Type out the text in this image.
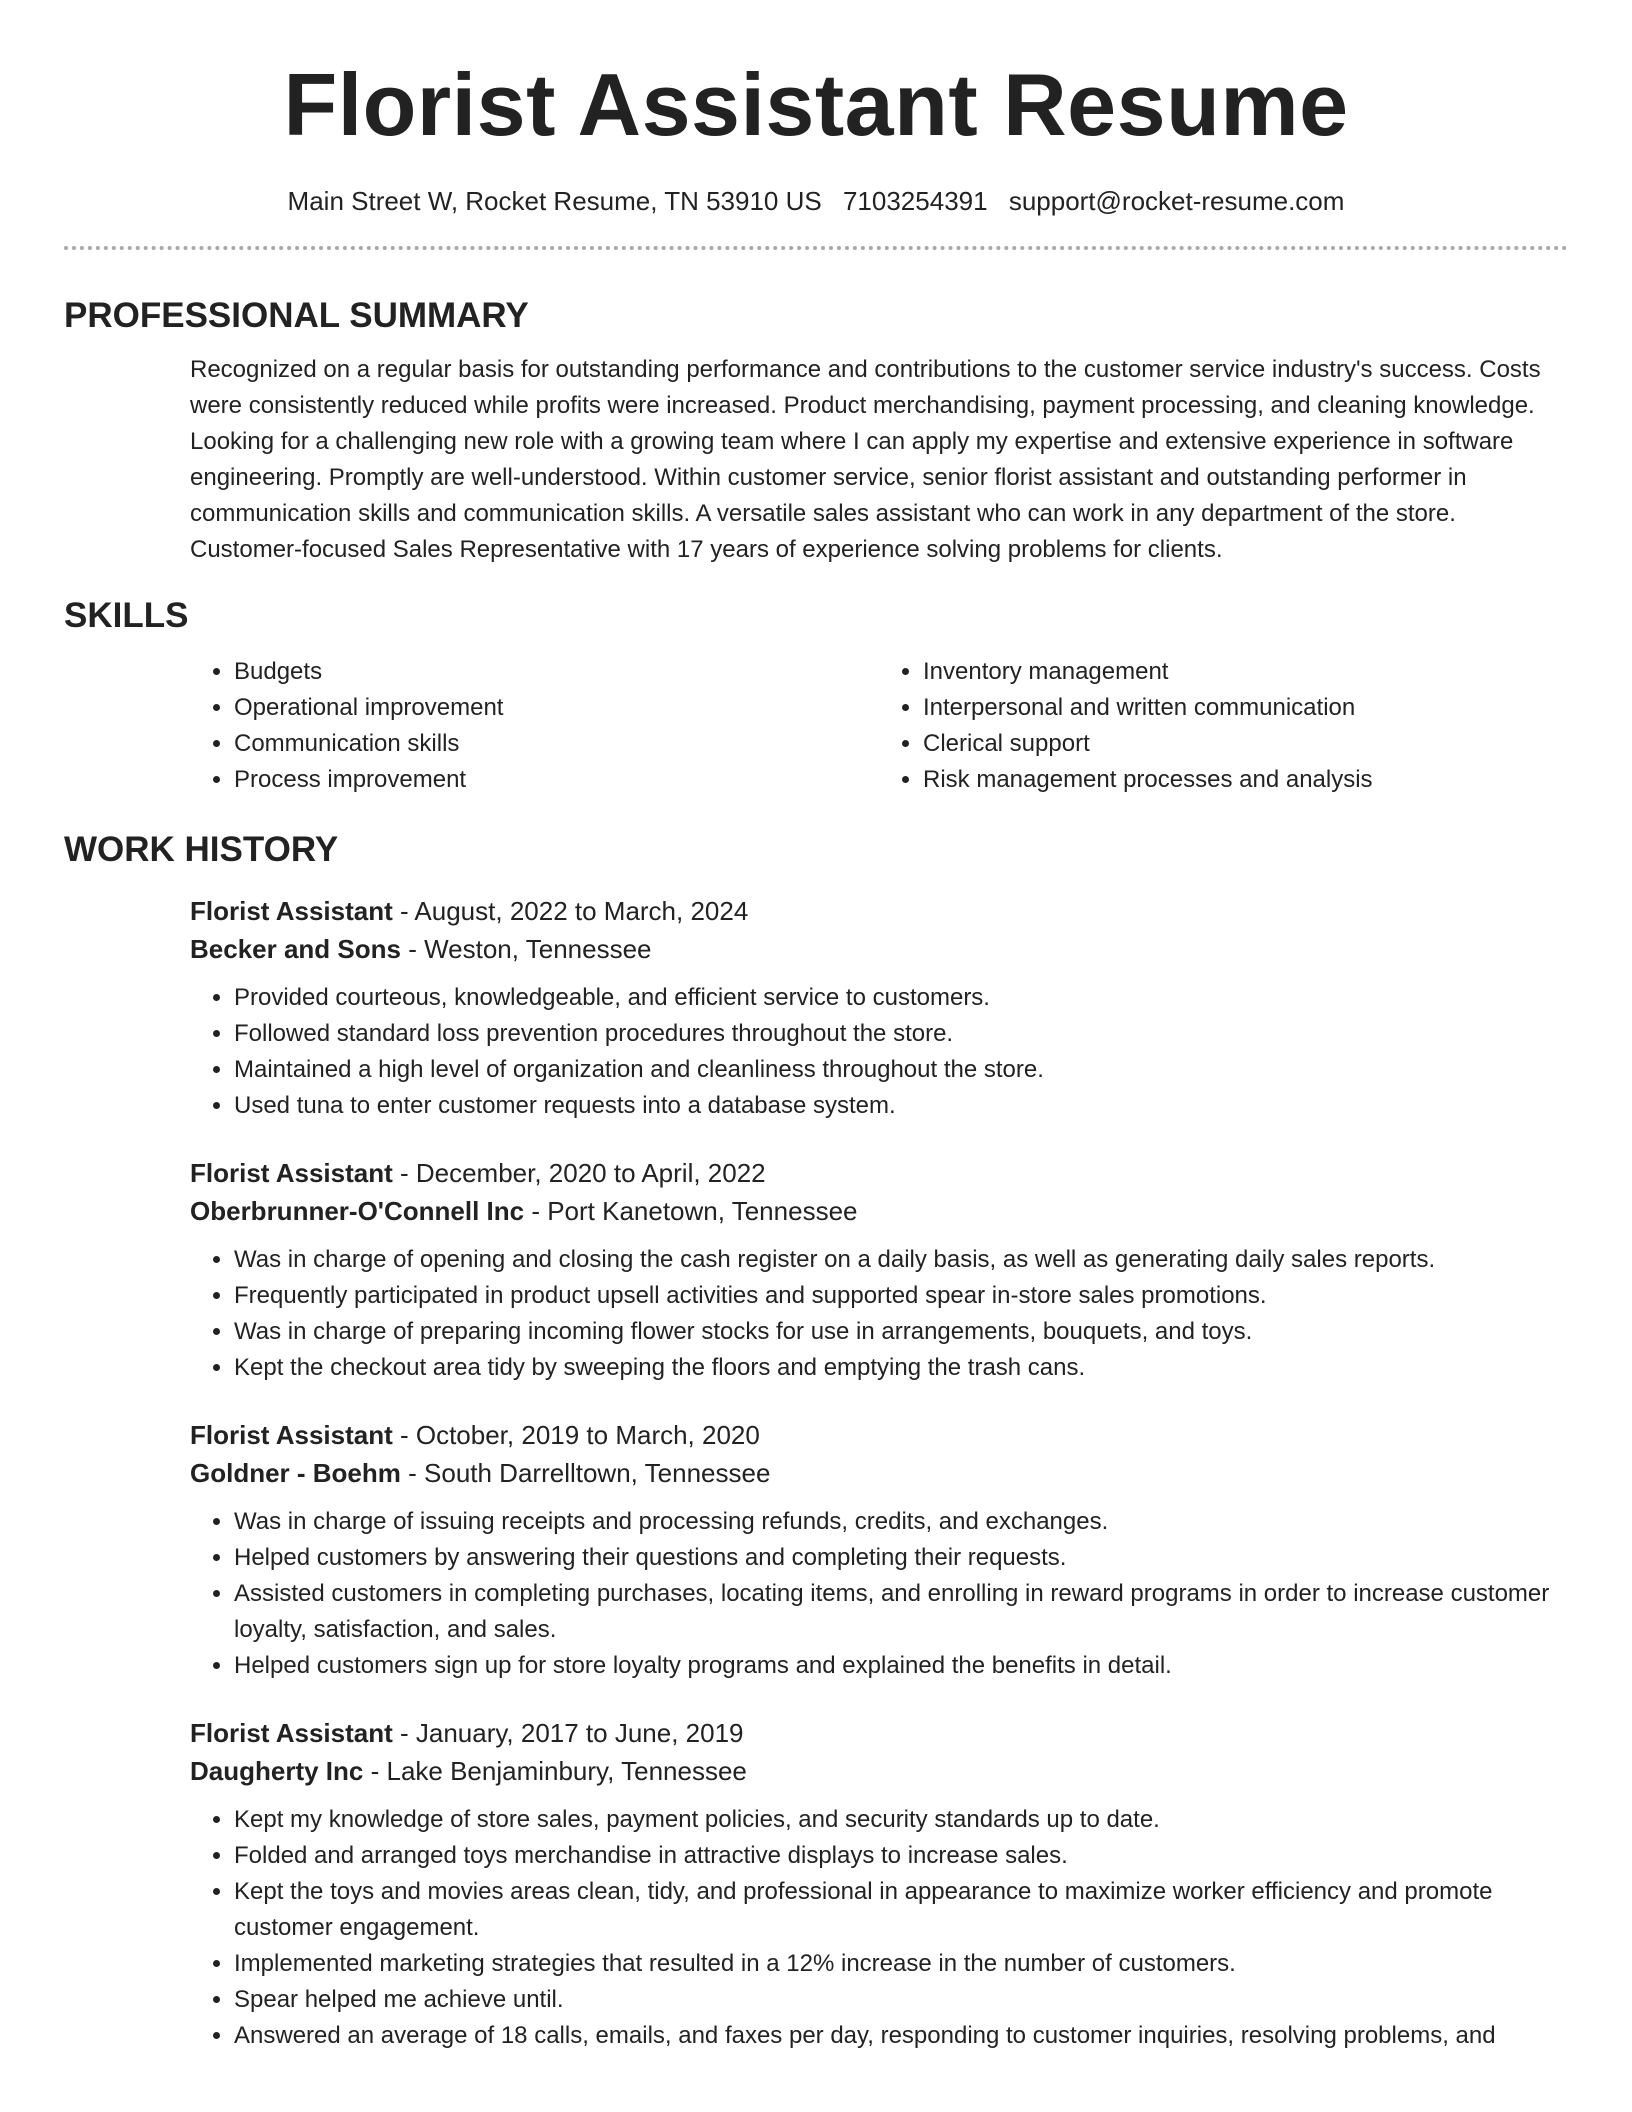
Florist Assistant Resume
Main Street W, Rocket Resume, TN 53910 US 7103254391 support@rocket-resume.com
PROFESSIONAL SUMMARY

Recognized on a regular basis for outstanding performance and contributions to the customer service industry's success. Costs were consistently reduced while profits were increased. Product merchandising, payment processing, and cleaning knowledge. Looking for a challenging new role with a growing team where I can apply my expertise and extensive experience in software engineering. Promptly are well-understood. Within customer service, senior florist assistant and outstanding performer in communication skills and communication skills. A versatile sales assistant who can work in any department of the store. Customer-focused Sales Representative with 17 years of experience solving problems for clients.

SKILLS
• Budgets
• Operational improvement
• Communication skills
• Process improvement
• Inventory management
• Interpersonal and written communication
• Clerical support
• Risk management processes and analysis
WORK HISTORY
Florist Assistant - August, 2022 to March, 2024
Becker and Sons - Weston, Tennessee
• Provided courteous, knowledgeable, and efficient service to customers.
• Followed standard loss prevention procedures throughout the store.
• Maintained a high level of organization and cleanliness throughout the store.
• Used tuna to enter customer requests into a database system.
Florist Assistant - December, 2020 to April, 2022
Oberbrunner-O'Connell Inc - Port Kanetown, Tennessee
• Was in charge of opening and closing the cash register on a daily basis, as well as generating daily sales reports.
• Frequently participated in product upsell activities and supported spear in-store sales promotions.
• Was in charge of preparing incoming flower stocks for use in arrangements, bouquets, and toys.
• Kept the checkout area tidy by sweeping the floors and emptying the trash cans.
Florist Assistant - October, 2019 to March, 2020
Goldner - Boehm - South Darrelltown, Tennessee
• Was in charge of issuing receipts and processing refunds, credits, and exchanges.
• Helped customers by answering their questions and completing their requests.
• Assisted customers in completing purchases, locating items, and enrolling in reward programs in order to increase customer loyalty, satisfaction, and sales.
• Helped customers sign up for store loyalty programs and explained the benefits in detail.
Florist Assistant - January, 2017 to June, 2019
Daugherty Inc - Lake Benjaminbury, Tennessee
• Kept my knowledge of store sales, payment policies, and security standards up to date.
• Folded and arranged toys merchandise in attractive displays to increase sales.
• Kept the toys and movies areas clean, tidy, and professional in appearance to maximize worker efficiency and promote customer engagement.
• Implemented marketing strategies that resulted in a 12% increase in the number of customers.
• Spear helped me achieve until.
• Answered an average of 18 calls, emails, and faxes per day, responding to customer inquiries, resolving problems, and
